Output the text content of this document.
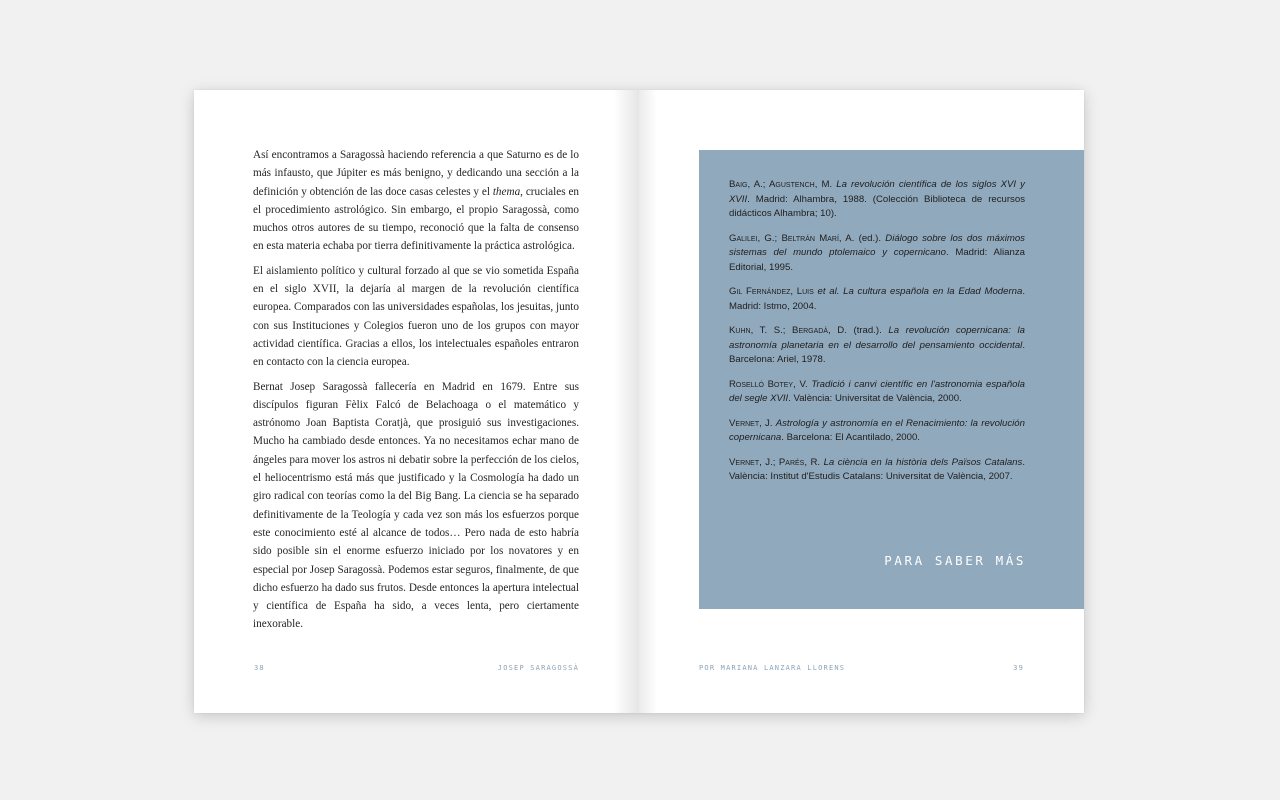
Así encontramos a Saragossà haciendo referencia a que Saturno es de lo más infausto, que Júpiter es más benigno, y dedicando una sección a la definición y obtención de las doce casas celestes y el thema, cruciales en el procedimiento astrológico. Sin embargo, el propio Saragossà, como muchos otros autores de su tiempo, reconoció que la falta de consenso en esta materia echaba por tierra definitivamente la práctica astrológica.

El aislamiento político y cultural forzado al que se vio sometida España en el siglo XVII, la dejaría al margen de la revolución científica europea. Comparados con las universidades españolas, los jesuitas, junto con sus Instituciones y Colegios fueron uno de los grupos con mayor actividad científica. Gracias a ellos, los intelectuales españoles entraron en contacto con la ciencia europea.

Bernat Josep Saragossà fallecería en Madrid en 1679. Entre sus discípulos figuran Fèlix Falcó de Belachoaga o el matemático y astrónomo Joan Baptista Coratjà, que prosiguió sus investigaciones. Mucho ha cambiado desde entonces. Ya no necesitamos echar mano de ángeles para mover los astros ni debatir sobre la perfección de los cielos, el heliocentrismo está más que justificado y la Cosmología ha dado un giro radical con teorías como la del Big Bang. La ciencia se ha separado definitivamente de la Teología y cada vez son más los esfuerzos porque este conocimiento esté al alcance de todos… Pero nada de esto habría sido posible sin el enorme esfuerzo iniciado por los novatores y en especial por Josep Saragossà. Podemos estar seguros, finalmente, de que dicho esfuerzo ha dado sus frutos. Desde entonces la apertura intelectual y científica de España ha sido, a veces lenta, pero ciertamente inexorable.

38	JOSEP SARAGOSSÀ

Baig, A.; Agustench, M. La revolución científica de los siglos XVI y XVII. Madrid: Alhambra, 1988. (Colección Biblioteca de recursos didácticos Alhambra; 10).

Galilei, G.; Beltrán Marí, A. (ed.). Diálogo sobre los dos máximos sistemas del mundo ptolemaico y copernicano. Madrid: Alianza Editorial, 1995.

Gil Fernández, Luis et al. La cultura española en la Edad Moderna. Madrid: Istmo, 2004.

Kuhn, T. S.; Bergadà, D. (trad.). La revolución copernicana: la astronomía planetaria en el desarrollo del pensamiento occidental. Barcelona: Ariel, 1978.

Roselló Botey, V. Tradició i canvi científic en l'astronomia española del segle XVII. València: Universitat de València, 2000.

Vernet, J. Astrología y astronomía en el Renacimiento: la revolución copernicana. Barcelona: El Acantilado, 2000.

Vernet, J.; Parés, R. La ciència en la història dels Països Catalans. València: Institut d'Estudis Catalans: Universitat de València, 2007.

PARA SABER MÁS
POR MARIANA LANZARA LLORENS	39
